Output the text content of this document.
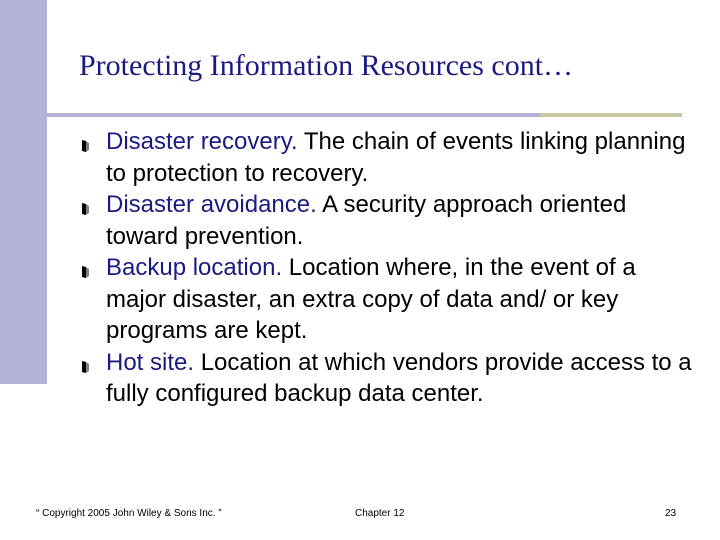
Protecting Information Resources cont…
Disaster recovery. The chain of events linking planning to protection to recovery.
Disaster avoidance. A security approach oriented toward prevention.
Backup location. Location where, in the event of a major disaster, an extra copy of data and/ or key programs are kept.
Hot site. Location at which vendors provide access to a fully configured backup data center.
“ Copyright 2005 John Wiley & Sons Inc. ”	Chapter 12	23
